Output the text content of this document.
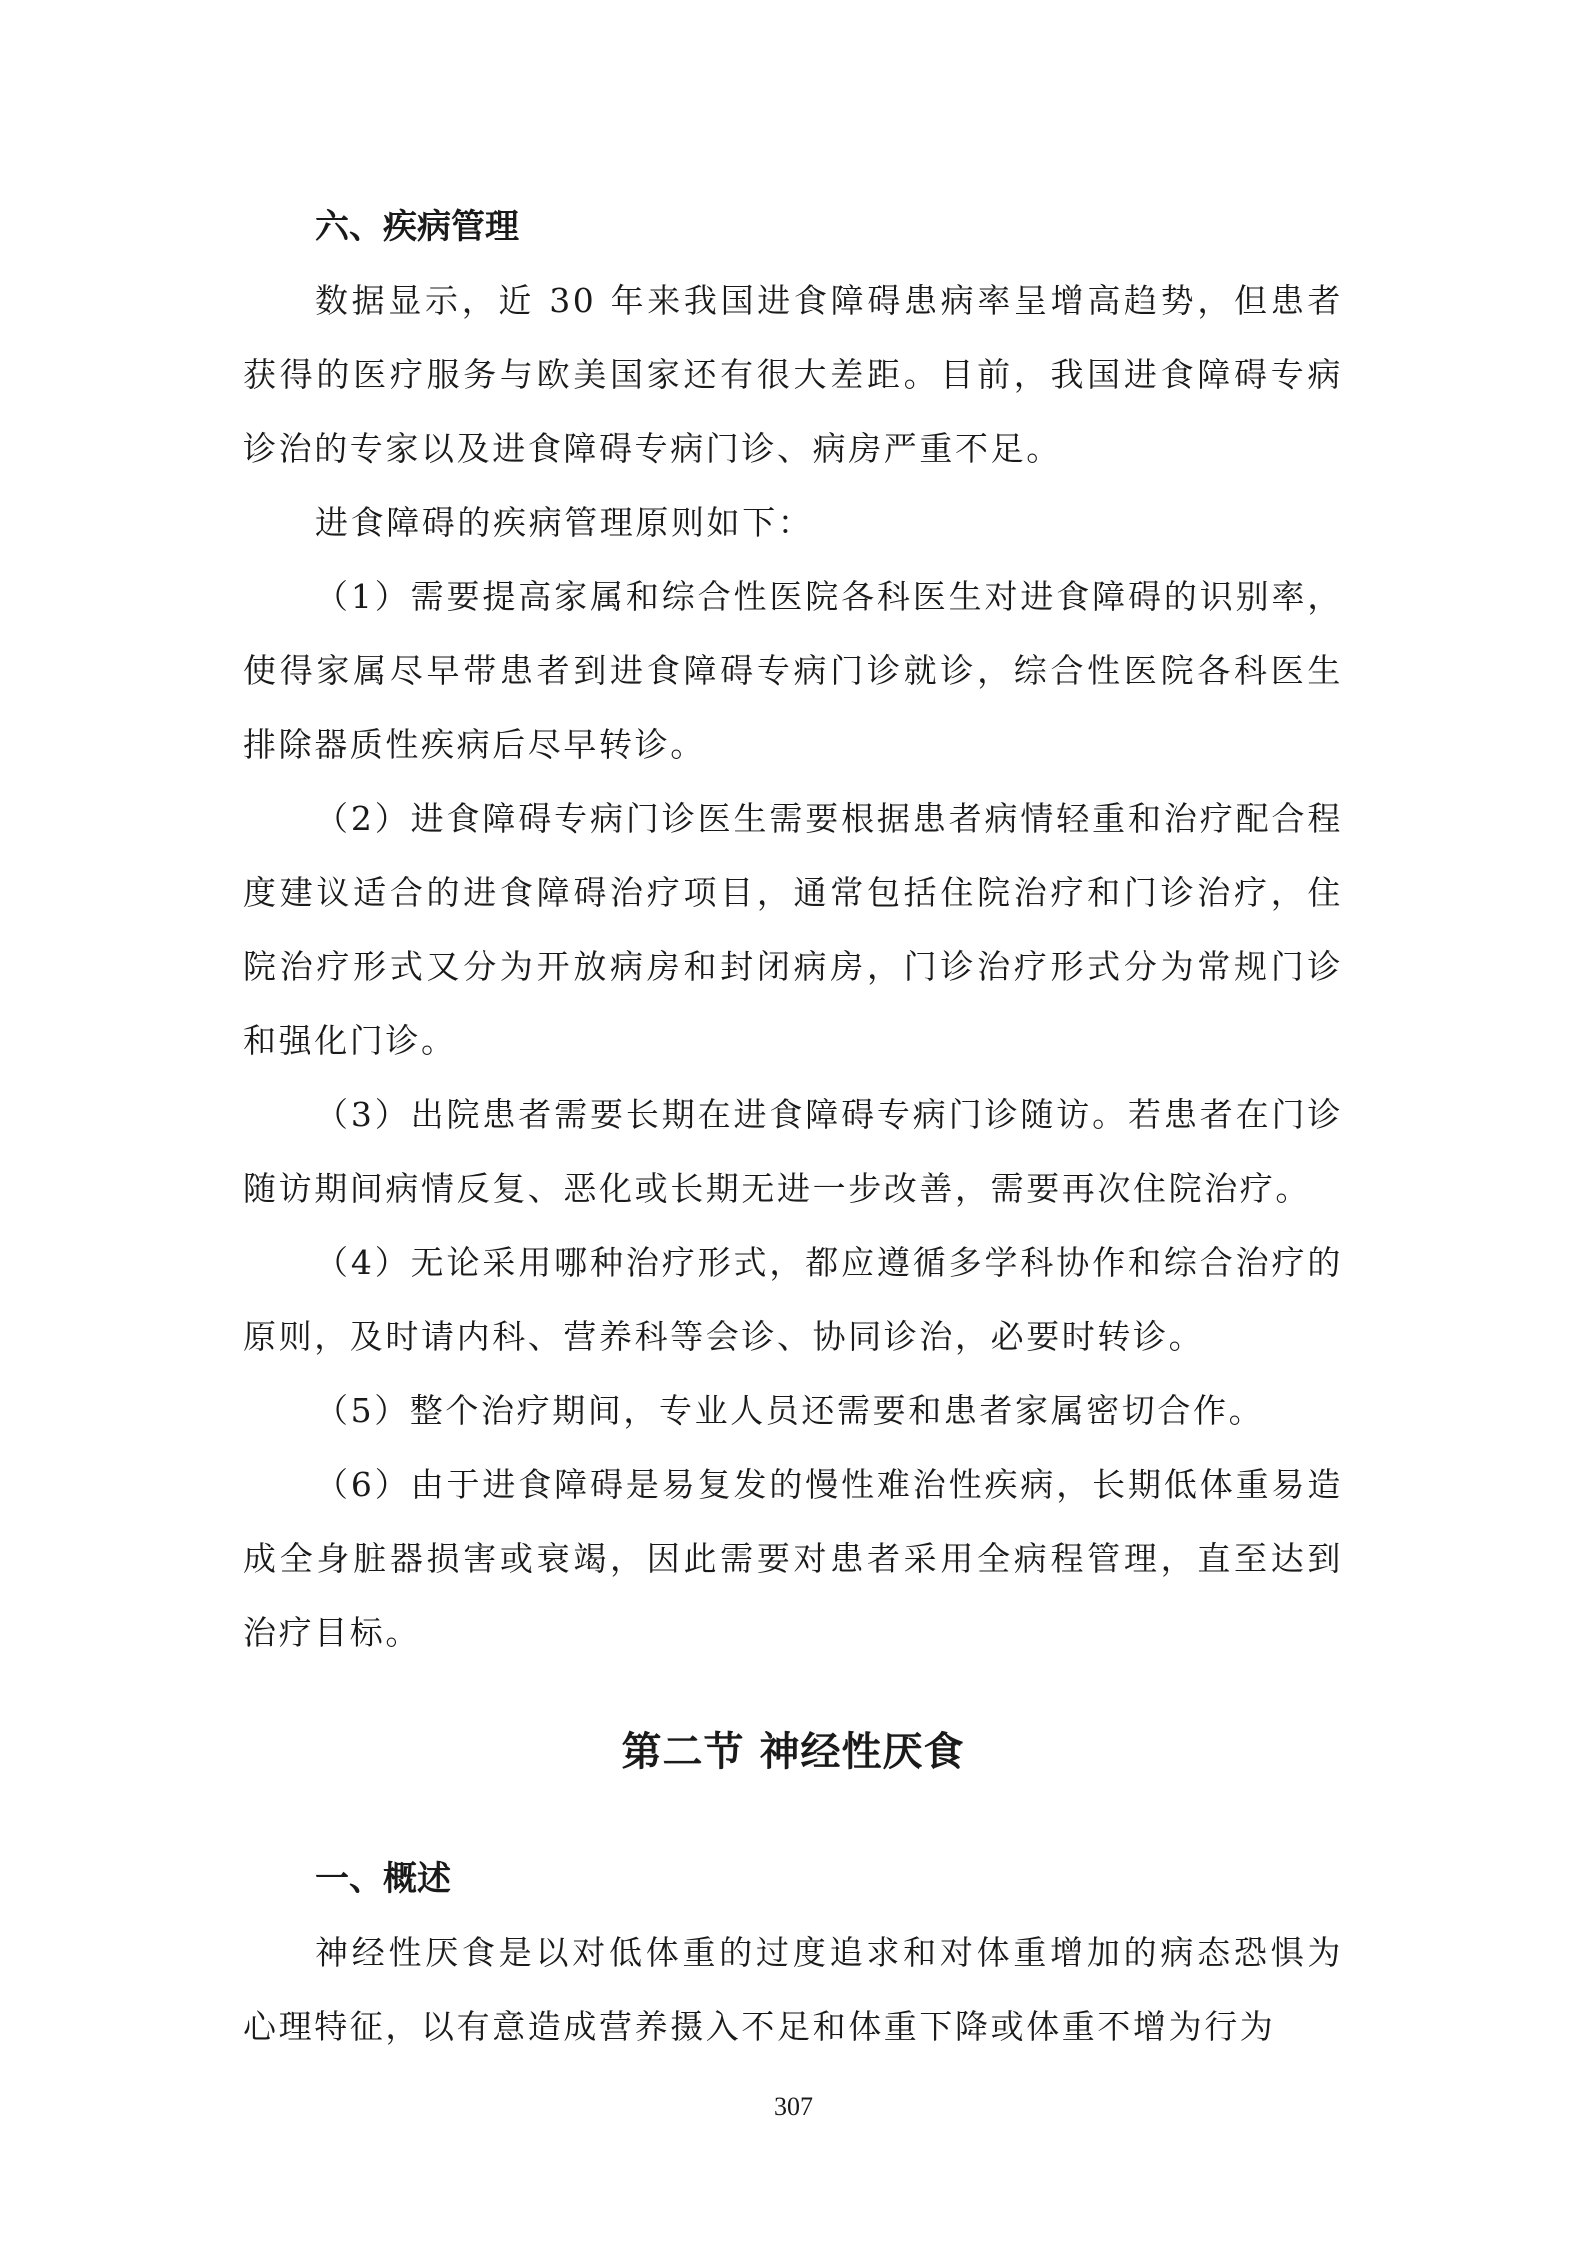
六、疾病管理

数据显示，近 30 年来我国进食障碍患病率呈增高趋势，但患者获得的医疗服务与欧美国家还有很大差距。目前，我国进食障碍专病诊治的专家以及进食障碍专病门诊、病房严重不足。

进食障碍的疾病管理原则如下：

（1）需要提高家属和综合性医院各科医生对进食障碍的识别率，使得家属尽早带患者到进食障碍专病门诊就诊，综合性医院各科医生排除器质性疾病后尽早转诊。

（2）进食障碍专病门诊医生需要根据患者病情轻重和治疗配合程度建议适合的进食障碍治疗项目，通常包括住院治疗和门诊治疗，住院治疗形式又分为开放病房和封闭病房，门诊治疗形式分为常规门诊和强化门诊。

（3）出院患者需要长期在进食障碍专病门诊随访。若患者在门诊随访期间病情反复、恶化或长期无进一步改善，需要再次住院治疗。

（4）无论采用哪种治疗形式，都应遵循多学科协作和综合治疗的原则，及时请内科、营养科等会诊、协同诊治，必要时转诊。

（5）整个治疗期间，专业人员还需要和患者家属密切合作。

（6）由于进食障碍是易复发的慢性难治性疾病，长期低体重易造成全身脏器损害或衰竭，因此需要对患者采用全病程管理，直至达到治疗目标。

第二节 神经性厌食
一、概述

神经性厌食是以对低体重的过度追求和对体重增加的病态恐惧为心理特征，以有意造成营养摄入不足和体重下降或体重不增为行为

307
